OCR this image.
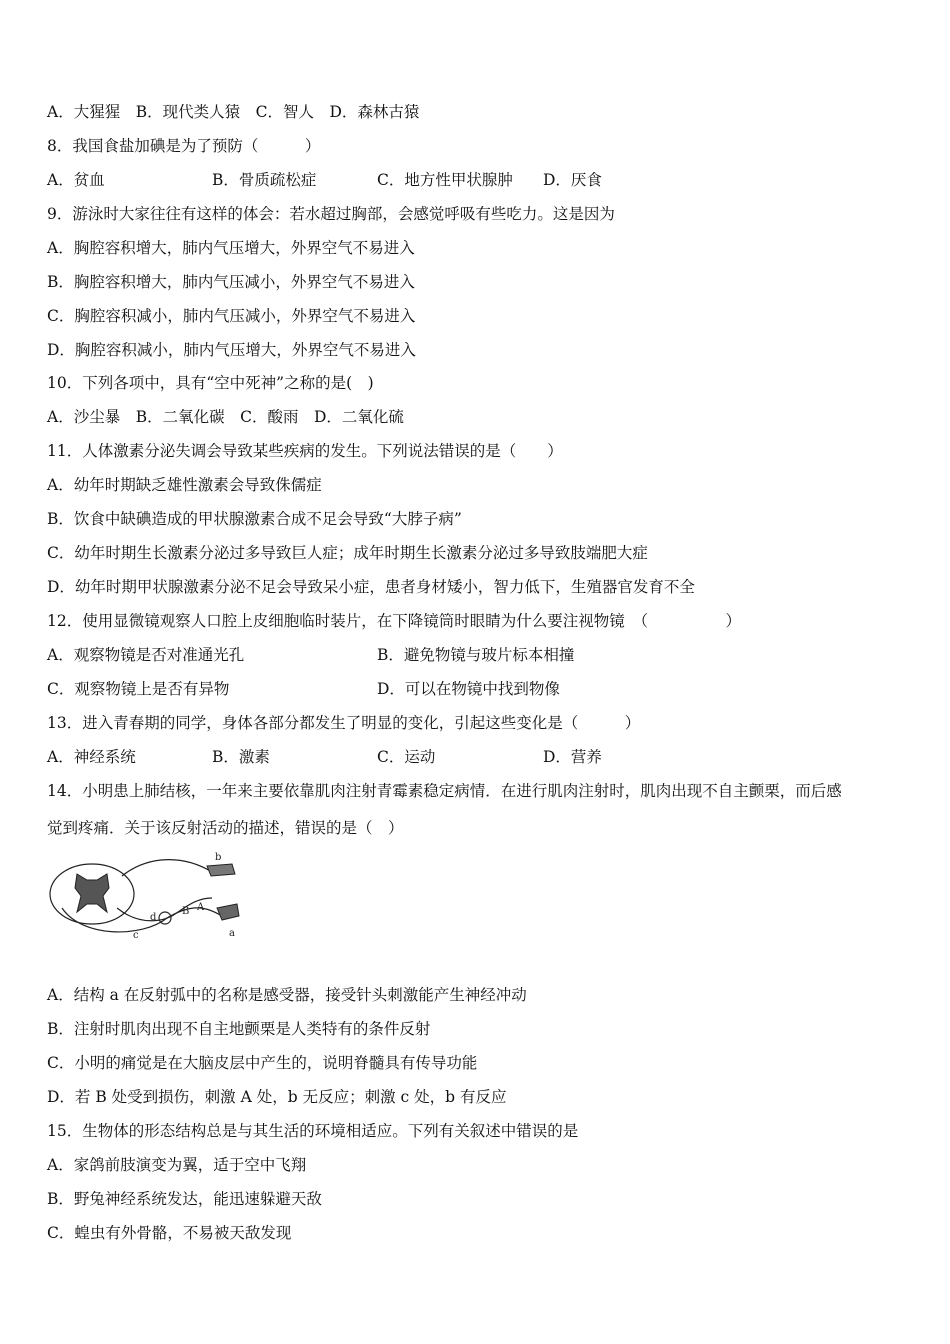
A．大猩猩　B．现代类人猿　C．智人　D．森林古猿
8．我国食盐加碘是为了预防（　　　）
A．贫血	B．骨质疏松症	C．地方性甲状腺肿 D．厌食
9．游泳时大家往往有这样的体会：若水超过胸部，会感觉呼吸有些吃力。这是因为
A．胸腔容积增大，肺内气压增大，外界空气不易进入
B．胸腔容积增大，肺内气压减小，外界空气不易进入
C．胸腔容积减小，肺内气压减小，外界空气不易进入
D．胸腔容积减小，肺内气压增大，外界空气不易进入
10．下列各项中，具有“空中死神”之称的是(　)
A．沙尘暴　B．二氧化碳　C．酸雨　D．二氧化硫
11．人体激素分泌失调会导致某些疾病的发生。下列说法错误的是（　　）
A．幼年时期缺乏雄性激素会导致侏儒症
B．饮食中缺碘造成的甲状腺激素合成不足会导致“大脖子病”
C．幼年时期生长激素分泌过多导致巨人症；成年时期生长激素分泌过多导致肢端肥大症
D．幼年时期甲状腺激素分泌不足会导致呆小症，患者身材矮小，智力低下，生殖器官发育不全
12．使用显微镜观察人口腔上皮细胞临时装片，在下降镜筒时眼睛为什么要注视物镜　（　　　　　）
A．观察物镜是否对准通光孔	B．避免物镜与玻片标本相撞
C．观察物镜上是否有异物	D．可以在物镜中找到物像
13．进入青春期的同学，身体各部分都发生了明显的变化，引起这些变化是（　　　）
A．神经系统	B．激素	C．运动	D．营养
14．小明患上肺结核，一年来主要依靠肌肉注射青霉素稳定病情．在进行肌肉注射时，肌肉出现不自主颤栗，而后感
觉到疼痛．关于该反射活动的描述，错误的是（　）
b
a
c
d
B A
A．结构 a 在反射弧中的名称是感受器，接受针头刺激能产生神经冲动
B．注射时肌肉出现不自主地颤栗是人类特有的条件反射
C．小明的痛觉是在大脑皮层中产生的，说明脊髓具有传导功能
D．若 B 处受到损伤，刺激 A 处，b 无反应；刺激 c 处，b 有反应
15．生物体的形态结构总是与其生活的环境相适应。下列有关叙述中错误的是
A．家鸽前肢演变为翼，适于空中飞翔
B．野兔神经系统发达，能迅速躲避天敌
C．蝗虫有外骨骼，不易被天敌发现
